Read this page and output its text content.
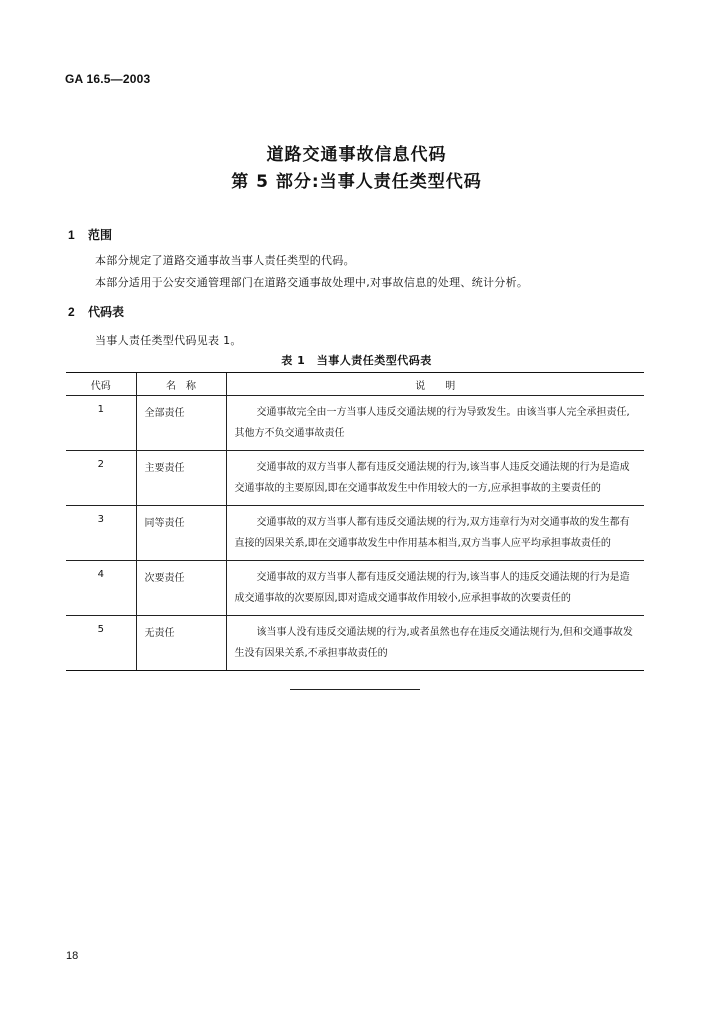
GA 16.5—2003
道路交通事故信息代码
第 5 部分:当事人责任类型代码
1 范围
本部分规定了道路交通事故当事人责任类型的代码。
本部分适用于公安交通管理部门在道路交通事故处理中,对事故信息的处理、统计分析。
2 代码表
当事人责任类型代码见表 1。
表 1　当事人责任类型代码表
代码	名　称	说　　明
1	全部责任	交通事故完全由一方当事人违反交通法规的行为导致发生。由该当事人完全承担责任,其他方不负交通事故责任
2	主要责任	交通事故的双方当事人都有违反交通法规的行为,该当事人违反交通法规的行为是造成交通事故的主要原因,即在交通事故发生中作用较大的一方,应承担事故的主要责任的
3	同等责任	交通事故的双方当事人都有违反交通法规的行为,双方违章行为对交通事故的发生都有直接的因果关系,即在交通事故发生中作用基本相当,双方当事人应平均承担事故责任的
4	次要责任	交通事故的双方当事人都有违反交通法规的行为,该当事人的违反交通法规的行为是造成交通事故的次要原因,即对造成交通事故作用较小,应承担事故的次要责任的
5	无责任	该当事人没有违反交通法规的行为,或者虽然也存在违反交通法规行为,但和交通事故发生没有因果关系,不承担事故责任的
18
